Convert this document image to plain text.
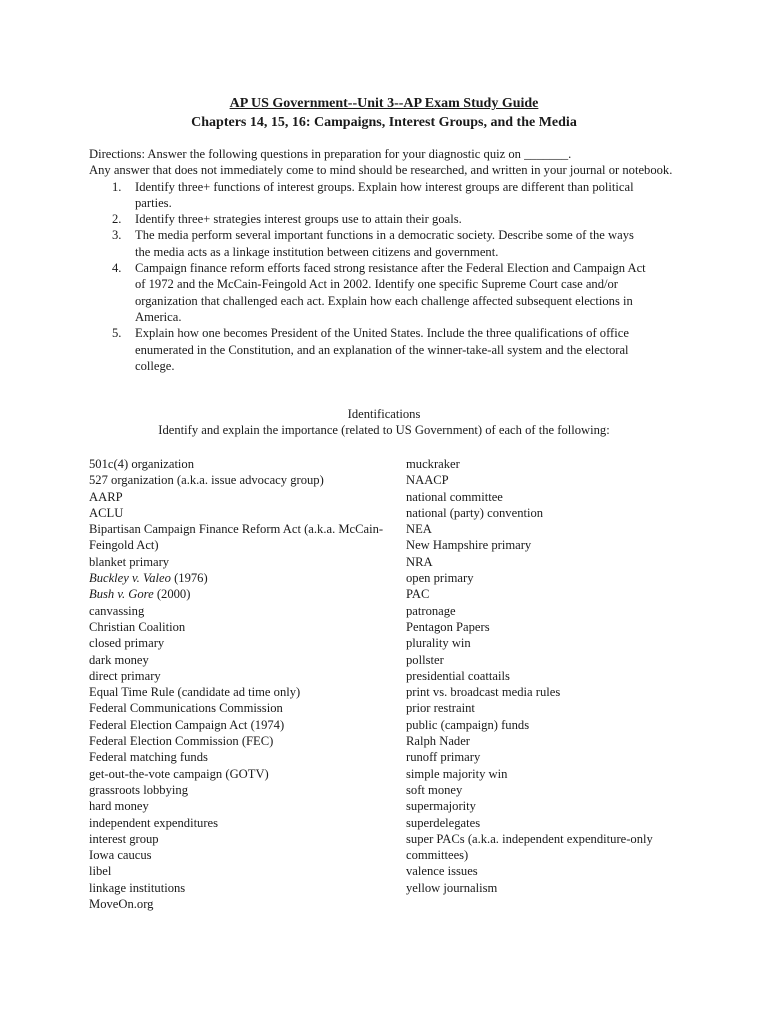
AP US Government--Unit 3--AP Exam Study Guide
Chapters 14, 15, 16: Campaigns, Interest Groups, and the Media
Directions: Answer the following questions in preparation for your diagnostic quiz on _______.
Any answer that does not immediately come to mind should be researched, and written in your journal or notebook.
1. Identify three+ functions of interest groups. Explain how interest groups are different than political parties.
2. Identify three+ strategies interest groups use to attain their goals.
3. The media perform several important functions in a democratic society. Describe some of the ways the media acts as a linkage institution between citizens and government.
4. Campaign finance reform efforts faced strong resistance after the Federal Election and Campaign Act of 1972 and the McCain-Feingold Act in 2002. Identify one specific Supreme Court case and/or organization that challenged each act. Explain how each challenge affected subsequent elections in America.
5. Explain how one becomes President of the United States. Include the three qualifications of office enumerated in the Constitution, and an explanation of the winner-take-all system and the electoral college.
Identifications
Identify and explain the importance (related to US Government) of each of the following:
501c(4) organization
527 organization (a.k.a. issue advocacy group)
AARP
ACLU
Bipartisan Campaign Finance Reform Act (a.k.a. McCain-Feingold Act)
blanket primary
Buckley v. Valeo (1976)
Bush v. Gore (2000)
canvassing
Christian Coalition
closed primary
dark money
direct primary
Equal Time Rule (candidate ad time only)
Federal Communications Commission
Federal Election Campaign Act (1974)
Federal Election Commission (FEC)
Federal matching funds
get-out-the-vote campaign (GOTV)
grassroots lobbying
hard money
independent expenditures
interest group
Iowa caucus
libel
linkage institutions
MoveOn.org
muckraker
NAACP
national committee
national (party) convention
NEA
New Hampshire primary
NRA
open primary
PAC
patronage
Pentagon Papers
plurality win
pollster
presidential coattails
print vs. broadcast media rules
prior restraint
public (campaign) funds
Ralph Nader
runoff primary
simple majority win
soft money
supermajority
superdelegates
super PACs (a.k.a. independent expenditure-only committees)
valence issues
yellow journalism
